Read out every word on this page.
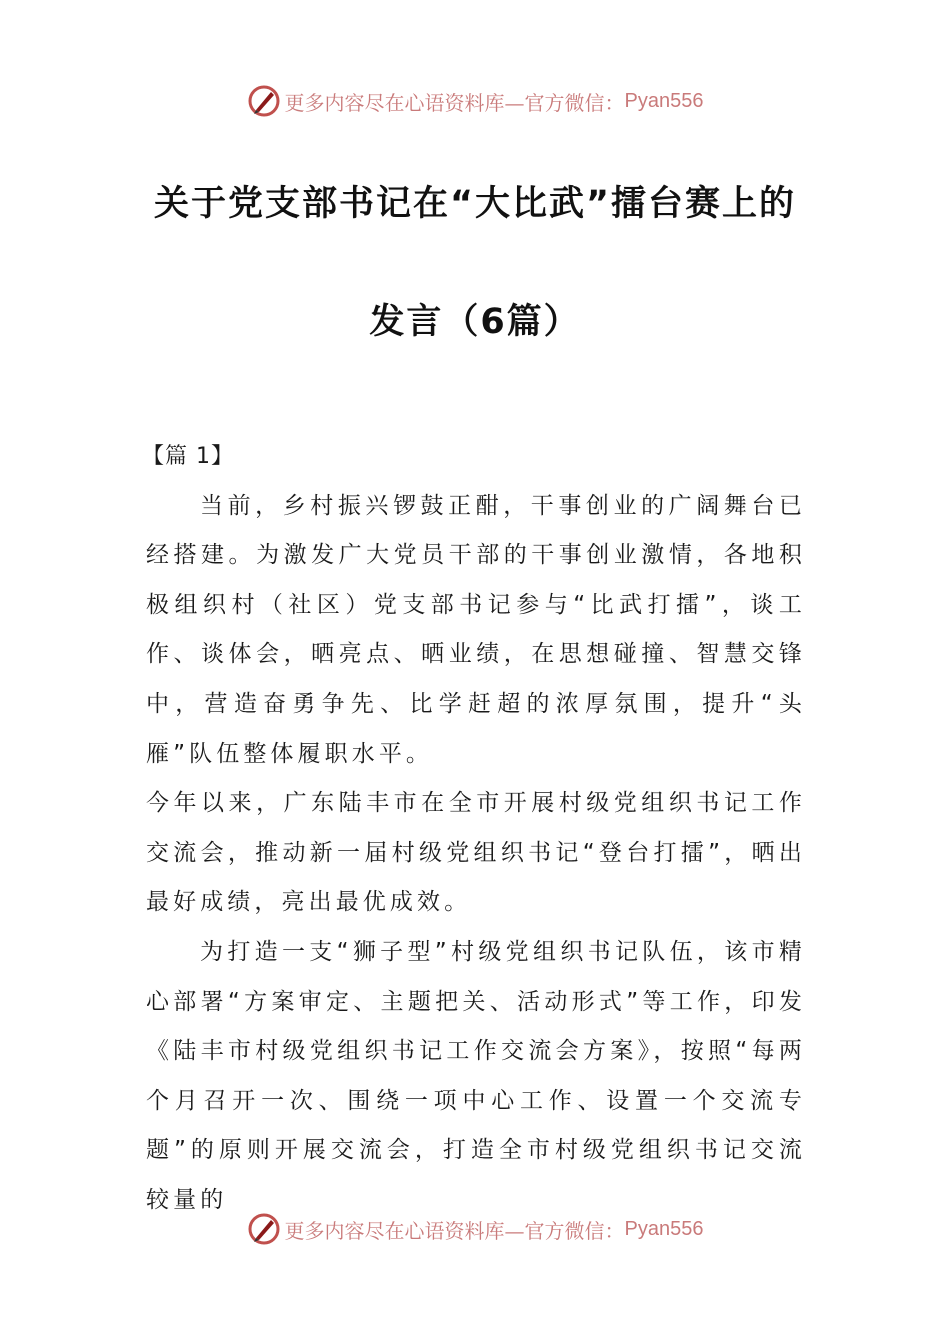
更多内容尽在心语资料库—官方微信： Pyan556
关于党支部书记在“大比武”擂台赛上的
发言（6篇）

【篇 1】

当前，乡村振兴锣鼓正酣，干事创业的广阔舞台已经搭建。为激发广大党员干部的干事创业激情，各地积极组织村（社区）党支部书记参与“比武打擂”，谈工作、谈体会，晒亮点、晒业绩，在思想碰撞、智慧交锋中，营造奋勇争先、比学赶超的浓厚氛围，提升“头雁”队伍整体履职水平。

今年以来，广东陆丰市在全市开展村级党组织书记工作交流会，推动新一届村级党组织书记“登台打擂”，晒出最好成绩，亮出最优成效。

为打造一支“狮子型”村级党组织书记队伍，该市精心部署“方案审定、主题把关、活动形式”等工作，印发《陆丰市村级党组织书记工作交流会方案》，按照“每两个月召开一次、围绕一项中心工作、设置一个交流专题”的原则开展交流会，打造全市村级党组织书记交流较量的

更多内容尽在心语资料库—官方微信： Pyan556
